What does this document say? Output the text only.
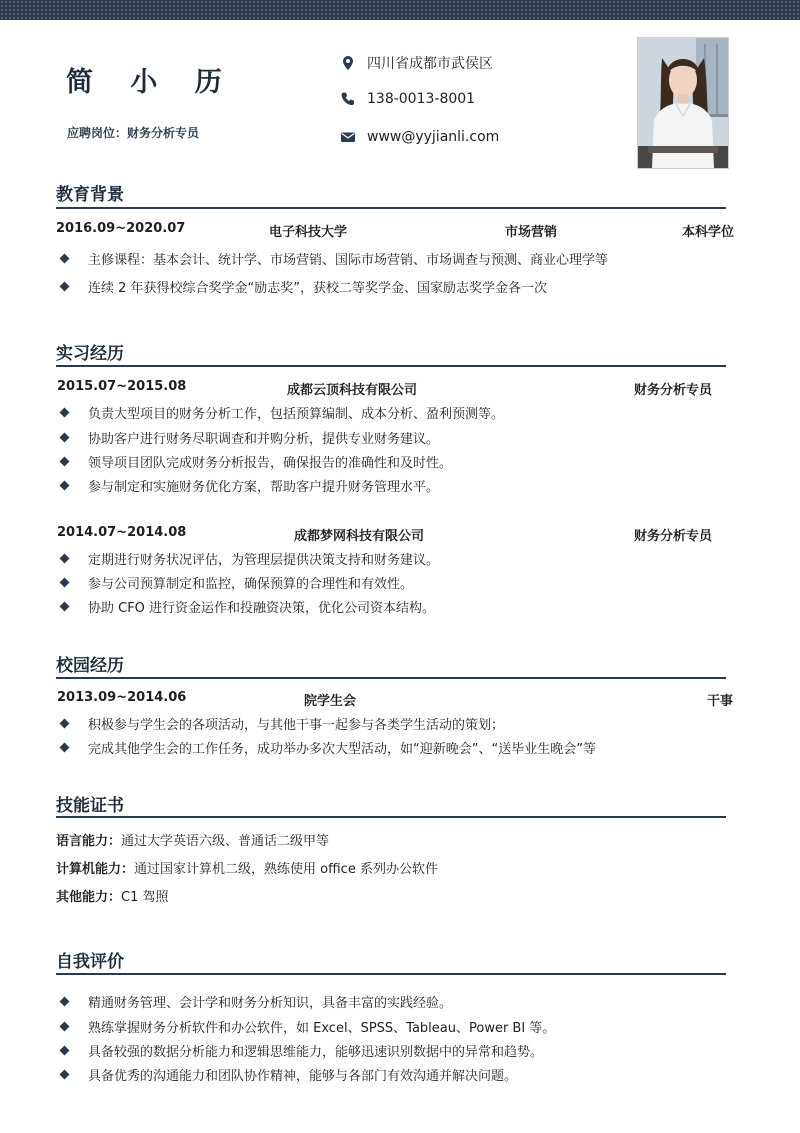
简 小 历
应聘岗位：财务分析专员
四川省成都市武侯区
138-0013-8001
www@yyjianli.com
教育背景
2016.09~2020.07	电子科技大学	市场营销	本科学位
主修课程：基本会计、统计学、市场营销、国际市场营销、市场调查与预测、商业心理学等
连续 2 年获得校综合奖学金“励志奖”，获校二等奖学金、国家励志奖学金各一次
实习经历
2015.07~2015.08	成都云顶科技有限公司	财务分析专员
负责大型项目的财务分析工作，包括预算编制、成本分析、盈利预测等。
协助客户进行财务尽职调查和并购分析，提供专业财务建议。
领导项目团队完成财务分析报告，确保报告的准确性和及时性。
参与制定和实施财务优化方案，帮助客户提升财务管理水平。
2014.07~2014.08	成都梦网科技有限公司	财务分析专员
定期进行财务状况评估，为管理层提供决策支持和财务建议。
参与公司预算制定和监控，确保预算的合理性和有效性。
协助 CFO 进行资金运作和投融资决策，优化公司资本结构。
校园经历
2013.09~2014.06	院学生会	干事
积极参与学生会的各项活动，与其他干事一起参与各类学生活动的策划；
完成其他学生会的工作任务，成功举办多次大型活动，如“迎新晚会”、“送毕业生晚会”等
技能证书
语言能力：通过大学英语六级、普通话二级甲等
计算机能力：通过国家计算机二级，熟练使用 office 系列办公软件
其他能力：C1 驾照
自我评价
精通财务管理、会计学和财务分析知识，具备丰富的实践经验。
熟练掌握财务分析软件和办公软件，如 Excel、SPSS、Tableau、Power BI 等。
具备较强的数据分析能力和逻辑思维能力，能够迅速识别数据中的异常和趋势。
具备优秀的沟通能力和团队协作精神，能够与各部门有效沟通并解决问题。
